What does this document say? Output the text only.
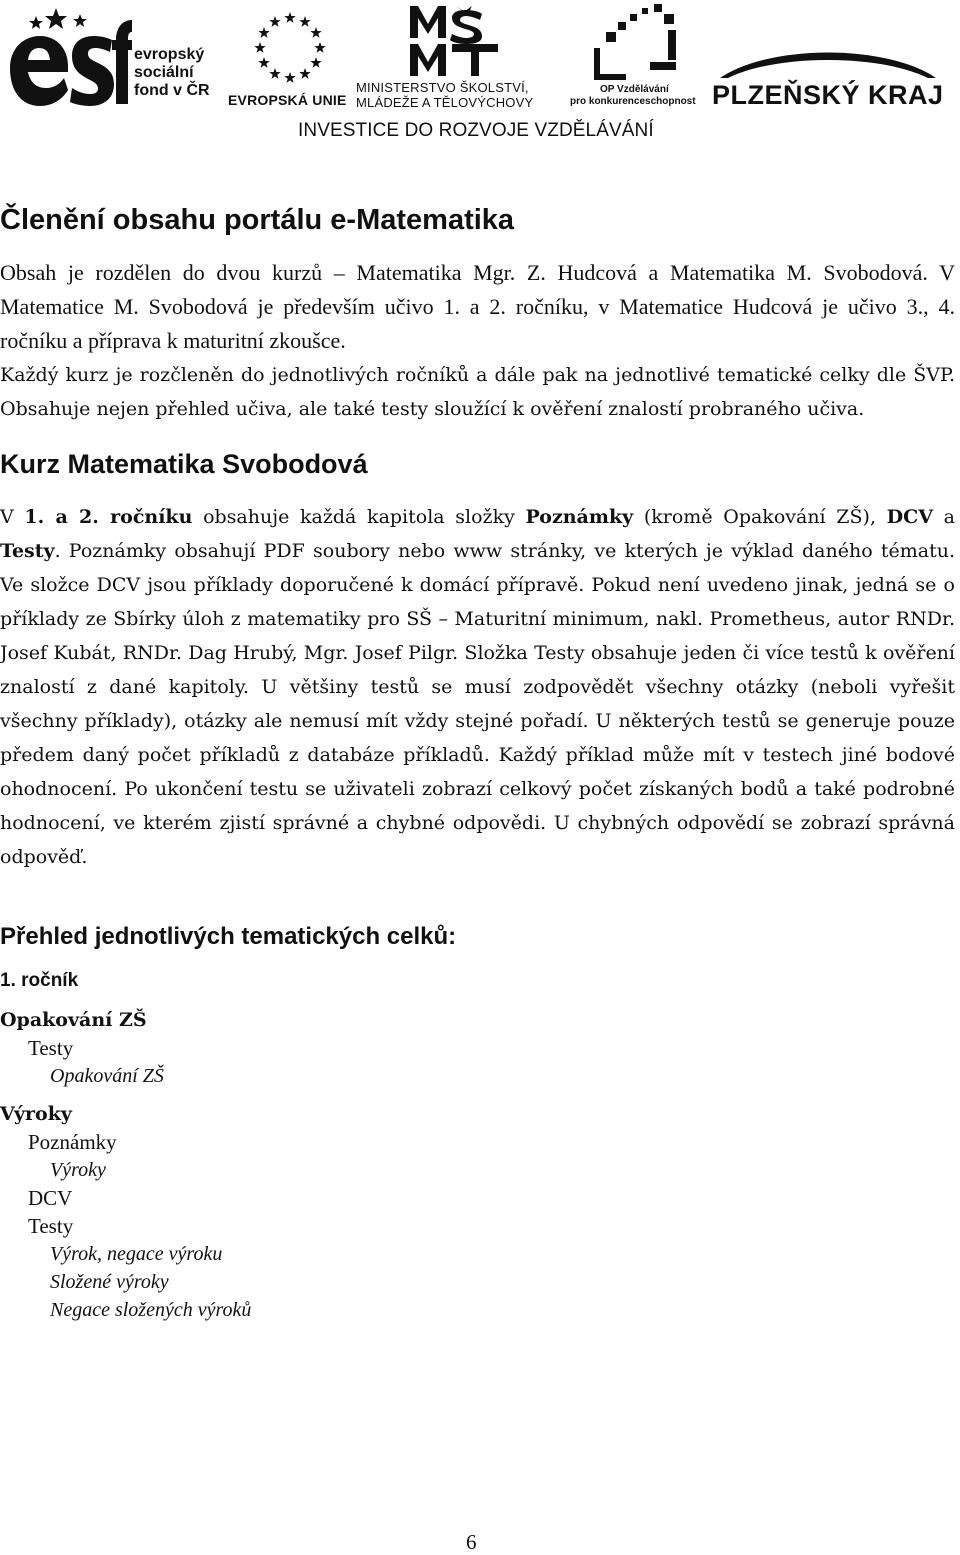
evropský
sociální
fond v ČR
EVROPSKÁ UNIE
MINISTERSTVO ŠKOLSTVÍ,
MLÁDEŽE A TĚLOVÝCHOVY
OP Vzdělávání
pro konkurenceschopnost PLZEŇSKÝ KRAJ
INVESTICE DO ROZVOJE VZDĚLÁVÁNÍ
Členění obsahu portálu e-Matematika

Obsah je rozdělen do dvou kurzů – Matematika Mgr. Z. Hudcová a Matematika M. Svobodová. V Matematice M. Svobodová je především učivo 1. a 2. ročníku, v Matematice Hudcová je učivo 3., 4. ročníku a příprava k maturitní zkoušce.

Každý kurz je rozčleněn do jednotlivých ročníků a dále pak na jednotlivé tematické celky dle ŠVP. Obsahuje nejen přehled učiva, ale také testy sloužící k ověření znalostí probraného učiva.

Kurz Matematika Svobodová

V 1. a 2. ročníku obsahuje každá kapitola složky Poznámky (kromě Opakování ZŠ), DCV a Testy. Poznámky obsahují PDF soubory nebo www stránky, ve kterých je výklad daného tématu. Ve složce DCV jsou příklady doporučené k domácí přípravě. Pokud není uvedeno jinak, jedná se o příklady ze Sbírky úloh z matematiky pro SŠ – Maturitní minimum, nakl. Prometheus, autor RNDr. Josef Kubát, RNDr. Dag Hrubý, Mgr. Josef Pilgr. Složka Testy obsahuje jeden či více testů k ověření znalostí z dané kapitoly. U většiny testů se musí zodpovědět všechny otázky (neboli vyřešit všechny příklady), otázky ale nemusí mít vždy stejné pořadí. U některých testů se generuje pouze předem daný počet příkladů z databáze příkladů. Každý příklad může mít v testech jiné bodové ohodnocení. Po ukončení testu se uživateli zobrazí celkový počet získaných bodů a také podrobné hodnocení, ve kterém zjistí správné a chybné odpovědi. U chybných odpovědí se zobrazí správná odpověď.

Přehled jednotlivých tematických celků:
1. ročník
Opakování ZŠ
Testy
Opakování ZŠ
Výroky
Poznámky
Výroky
DCV
Testy
Výrok, negace výroku
Složené výroky
Negace složených výroků
6
